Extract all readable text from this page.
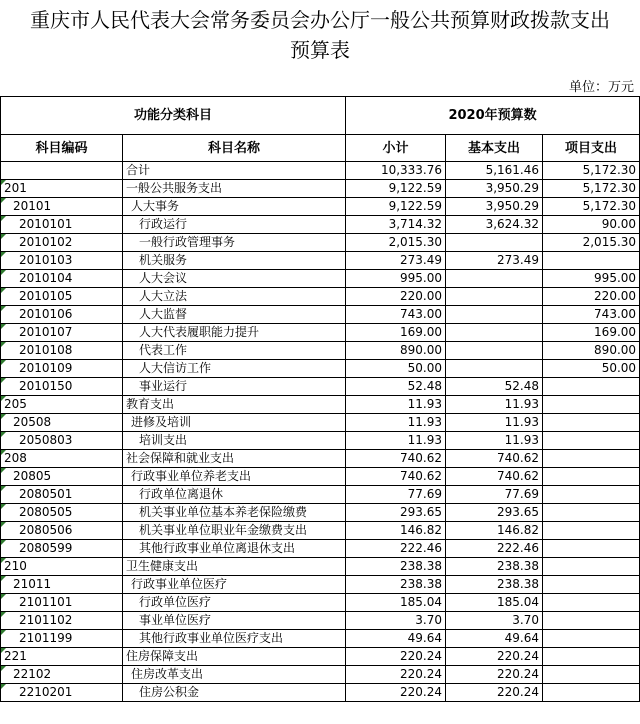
重庆市人民代表大会常务委员会办公厅一般公共预算财政拨款支出
预算表
单位：万元
功能分类科目		2020年预算数		
科目编码	科目名称	小计	基本支出	项目支出
	合计	10,333.76	5,161.46	5,172.30
201	一般公共服务支出	9,122.59	3,950.29	5,172.30
20101	人大事务	9,122.59	3,950.29	5,172.30
2010101	行政运行	3,714.32	3,624.32	90.00
2010102	一般行政管理事务	2,015.30		2,015.30
2010103	机关服务	273.49	273.49	
2010104	人大会议	995.00		995.00
2010105	人大立法	220.00		220.00
2010106	人大监督	743.00		743.00
2010107	人大代表履职能力提升	169.00		169.00
2010108	代表工作	890.00		890.00
2010109	人大信访工作	50.00		50.00
2010150	事业运行	52.48	52.48	
205	教育支出	11.93	11.93	
20508	进修及培训	11.93	11.93	
2050803	培训支出	11.93	11.93	
208	社会保障和就业支出	740.62	740.62	
20805	行政事业单位养老支出	740.62	740.62	
2080501	行政单位离退休	77.69	77.69	
2080505	机关事业单位基本养老保险缴费	293.65	293.65	
2080506	机关事业单位职业年金缴费支出	146.82	146.82	
2080599	其他行政事业单位离退休支出	222.46	222.46	
210	卫生健康支出	238.38	238.38	
21011	行政事业单位医疗	238.38	238.38	
2101101	行政单位医疗	185.04	185.04	
2101102	事业单位医疗	3.70	3.70	
2101199	其他行政事业单位医疗支出	49.64	49.64	
221	住房保障支出	220.24	220.24	
22102	住房改革支出	220.24	220.24	
2210201	住房公积金	220.24	220.24	
